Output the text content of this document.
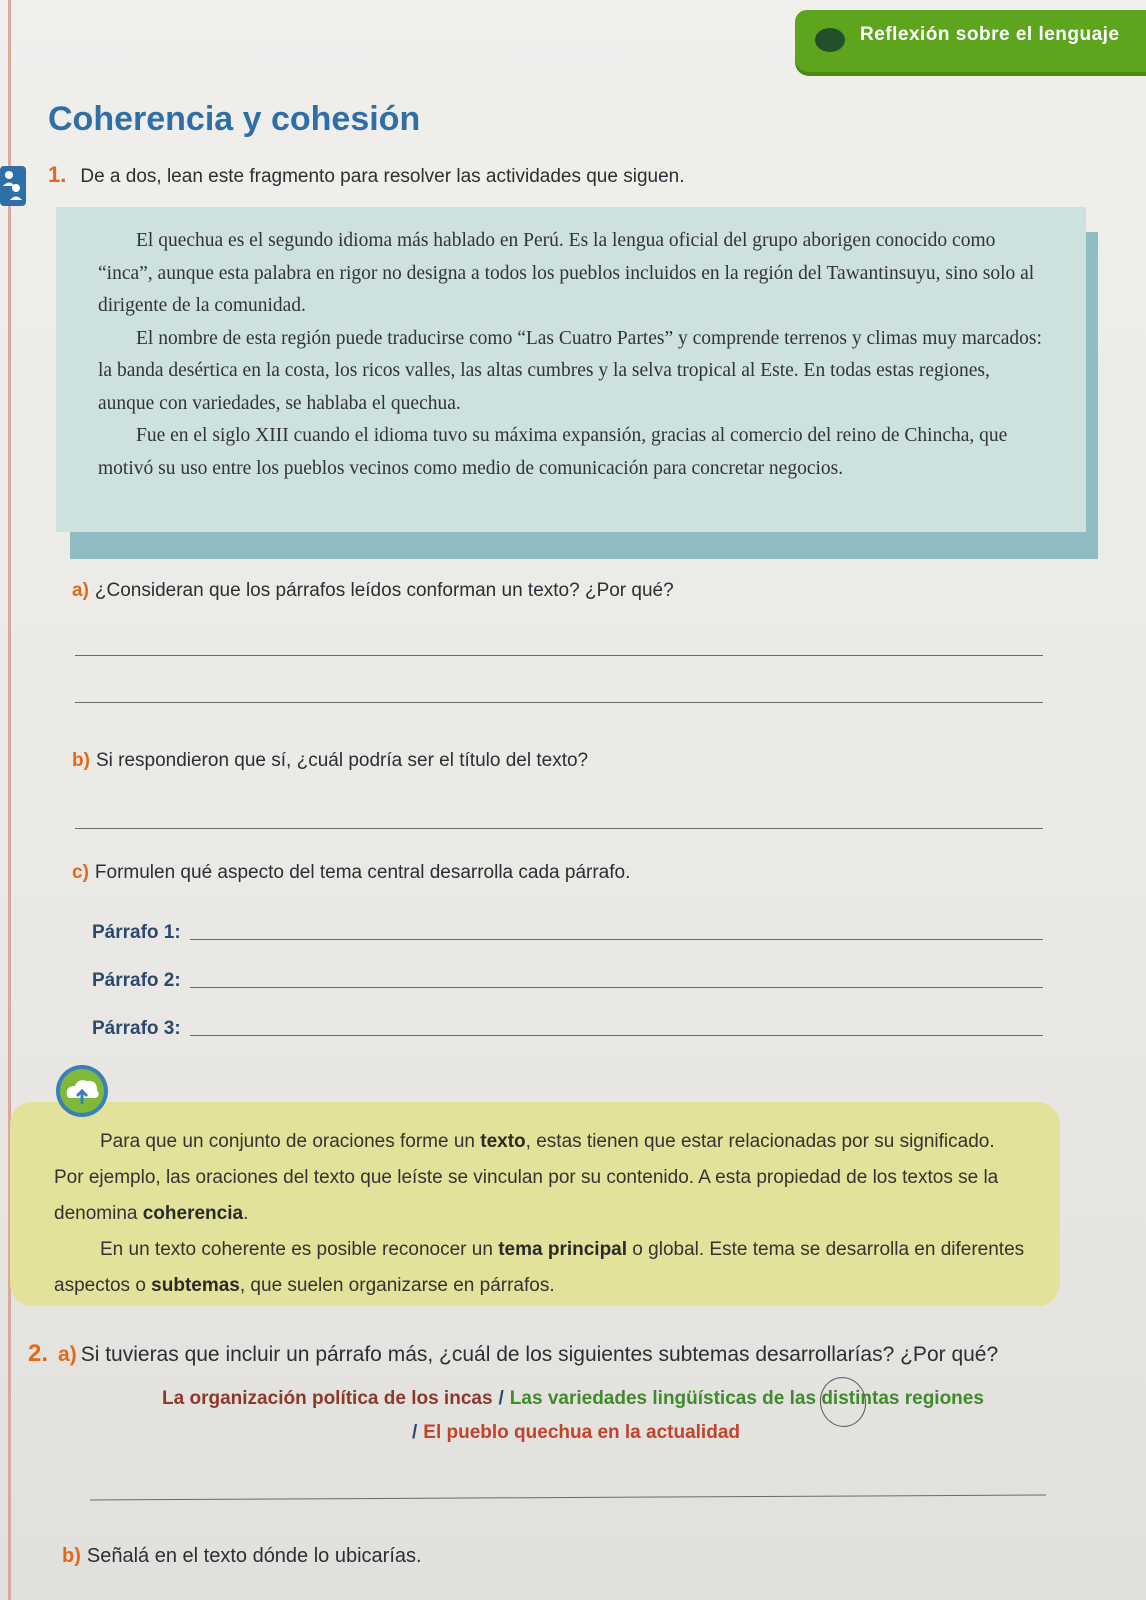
Reflexión sobre el lenguaje
Coherencia y cohesión
1. De a dos, lean este fragmento para resolver las actividades que siguen.

El quechua es el segundo idioma más hablado en Perú. Es la lengua oficial del grupo aborigen conocido como “inca”, aunque esta palabra en rigor no designa a todos los pueblos incluidos en la región del Tawantinsuyu, sino solo al dirigente de la comunidad.

El nombre de esta región puede traducirse como “Las Cuatro Partes” y comprende terrenos y climas muy marcados: la banda desértica en la costa, los ricos valles, las altas cumbres y la selva tropical al Este. En todas estas regiones, aunque con variedades, se hablaba el quechua.

Fue en el siglo XIII cuando el idioma tuvo su máxima expansión, gracias al comercio del reino de Chincha, que motivó su uso entre los pueblos vecinos como medio de comunicación para concretar negocios.

a) ¿Consideran que los párrafos leídos conforman un texto? ¿Por qué?
b) Si respondieron que sí, ¿cuál podría ser el título del texto?
c) Formulen qué aspecto del tema central desarrolla cada párrafo.
Párrafo 1:
Párrafo 2:
Párrafo 3:

Para que un conjunto de oraciones forme un texto, estas tienen que estar relacionadas por su significado. Por ejemplo, las oraciones del texto que leíste se vinculan por su contenido. A esta propiedad de los textos se la denomina coherencia.

En un texto coherente es posible reconocer un tema principal o global. Este tema se desarrolla en diferentes aspectos o subtemas, que suelen organizarse en párrafos.

2. a) Si tuvieras que incluir un párrafo más, ¿cuál de los siguientes subtemas desarrollarías? ¿Por qué?
La organización política de los incas / Las variedades lingüísticas de las distintas regiones
/ El pueblo quechua en la actualidad
b) Señalá en el texto dónde lo ubicarías.
